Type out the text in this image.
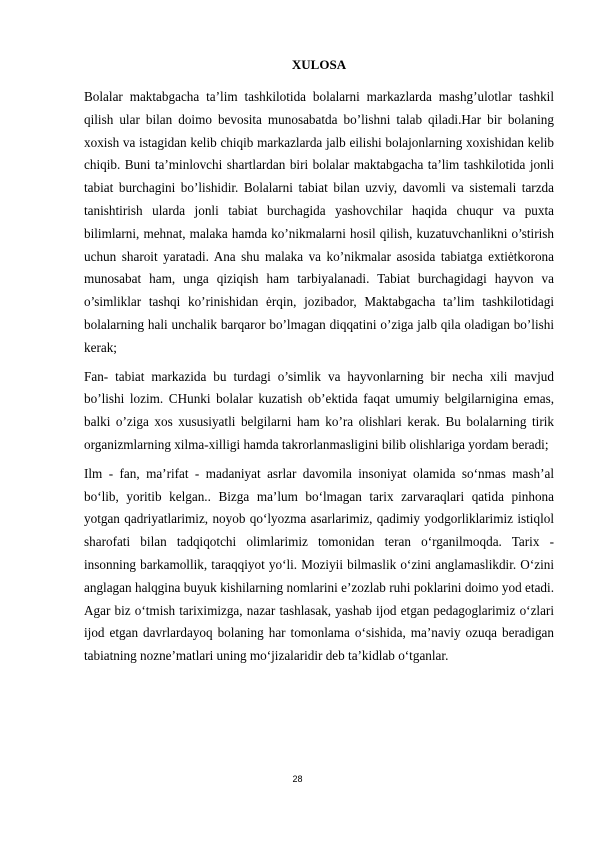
XULOSA

Bolalar maktabgacha ta’lim tashkilotida bolalarni markazlarda mashg’ulotlar tashkil qilish ular bilan doimo bevosita munosabatda bo’lishni talab qiladi.Har bir bolaning xoxish va istagidan kelib chiqib markazlarda jalb eilishi bolajonlarning xoxishidan kelib chiqib. Buni ta’minlovchi shartlardan biri bolalar maktabgacha ta’lim tashkilotida jonli tabiat burchagini bo’lishidir. Bolalarni tabiat bilan uzviy, davomli va sistemali tarzda tanishtirish ularda jonli tabiat burchagida yashovchilar haqida chuqur va puxta bilimlarni, mehnat, malaka hamda ko’nikmalarni hosil qilish, kuzatuvchanlikni o’stirish uchun sharoit yaratadi. Ana shu malaka va ko’nikmalar asosida tabiatga extiėtkorona munosabat ham, unga qiziqish ham tarbiyalanadi. Tabiat burchagidagi hayvon va o’simliklar tashqi ko’rinishidan ėrqin, jozibador, Maktabgacha ta’lim tashkilotidagi bolalarning hali unchalik barqaror bo’lmagan diqqatini o’ziga jalb qila oladigan bo’lishi kerak;

Fan- tabiat markazida bu turdagi o’simlik va hayvonlarning bir necha xili mavjud bo’lishi lozim. CHunki bolalar kuzatish ob’ektida faqat umumiy belgilarnigina emas, balki o’ziga xos xususiyatli belgilarni ham ko’ra olishlari kerak. Bu bolalarning tirik organizmlarning xilma-xilligi hamda takrorlanmasligini bilib olishlariga yordam beradi;

Ilm - fan, ma’rifat - madaniyat asrlar davomila insoniyat olamida so‘nmas mash’al bo‘lib, yoritib kelgan.. Bizga ma’lum bo‘lmagan tarix zarvaraqlari qatida pinhona yotgan qadriyatlarimiz, noyob qo‘lyozma asarlarimiz, qadimiy yodgorliklarimiz istiqlol sharofati bilan tadqiqotchi olimlarimiz tomonidan teran o‘rganilmoqda. Tarix - insonning barkamollik, taraqqiyot yo‘li. Moziyii bilmaslik o‘zini anglamaslikdir. O‘zini anglagan halqgina buyuk kishilarning nomlarini e’zozlab ruhi poklarini doimo yod etadi. Agar biz o‘tmish tariximizga, nazar tashlasak, yashab ijod etgan pedagoglarimiz o‘zlari ijod etgan davrlardayoq bolaning har tomonlama o‘sishida, ma’naviy ozuqa beradigan tabiatning nozne’matlari uning mo‘jizalaridir deb ta’kidlab o‘tganlar.

28
